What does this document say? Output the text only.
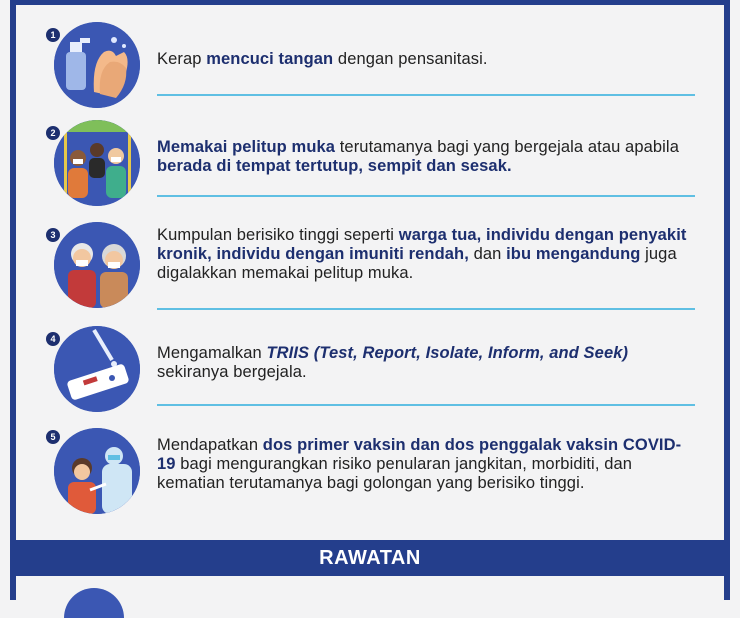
1
Kerap mencuci tangan dengan pensanitasi.
2
Memakai pelitup muka terutamanya bagi yang bergejala atau apabila berada di tempat tertutup, sempit dan sesak.
3	Kumpulan berisiko tinggi seperti warga tua, individu dengan penyakit kronik, individu dengan imuniti rendah, dan ibu mengandung juga digalakkan memakai pelitup muka.
4
Mengamalkan TRIIS (Test, Report, Isolate, Inform, and Seek) sekiranya bergejala.
5	Mendapatkan dos primer vaksin dan dos penggalak vaksin COVID-19 bagi mengurangkan risiko penularan jangkitan, morbiditi, dan kematian terutamanya bagi golongan yang berisiko tinggi.
RAWATAN
